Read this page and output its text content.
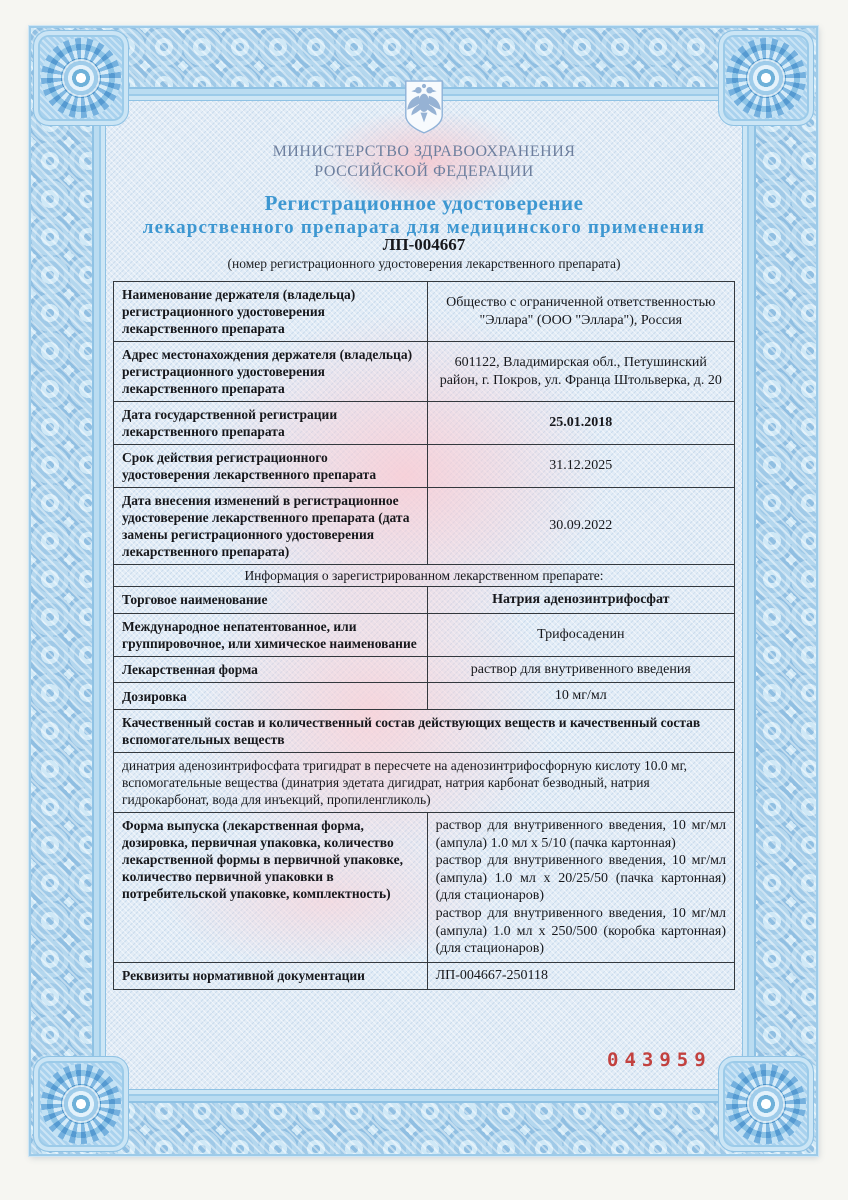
МИНИСТЕРСТВО ЗДРАВООХРАНЕНИЯ
РОССИЙСКОЙ ФЕДЕРАЦИИ
Регистрационное удостоверение
лекарственного препарата для медицинского применения
ЛП-004667
(номер регистрационного удостоверения лекарственного препарата)
Наименование держателя (владельца) регистрационного удостоверения лекарственного препарата	Общество с ограниченной ответственностью "Эллара" (ООО "Эллара"), Россия
Адрес местонахождения держателя (владельца) регистрационного удостоверения лекарственного препарата	601122, Владимирская обл., Петушинский район, г. Покров, ул. Франца Штольверка, д. 20
Дата государственной регистрации лекарственного препарата	25.01.2018
Срок действия регистрационного удостоверения лекарственного препарата	31.12.2025
Дата внесения изменений в регистрационное удостоверение лекарственного препарата (дата замены регистрационного удостоверения лекарственного препарата)	30.09.2022
Информация о зарегистрированном лекарственном препарате:	
Торговое наименование	Натрия аденозинтрифосфат
Международное непатентованное, или группировочное, или химическое наименование	Трифосаденин
Лекарственная форма	раствор для внутривенного введения
Дозировка	10 мг/мл
Качественный состав и количественный состав действующих веществ и качественный состав вспомогательных веществ	
динатрия аденозинтрифосфата тригидрат в пересчете на аденозинтрифосфорную кислоту 10.0 мг, вспомогательные вещества (динатрия эдетата дигидрат, натрия карбонат безводный, натрия гидрокарбонат, вода для инъекций, пропиленгликоль)	
Форма выпуска (лекарственная форма, дозировка, первичная упаковка, количество лекарственной формы в первичной упаковке, количество первичной упаковки в потребительской упаковке, комплектность)	раствор для внутривенного введения, 10 мг/мл (ампула) 1.0 мл х 5/10 (пачка картонная)

раствор для внутривенного введения, 10 мг/мл (ампула) 1.0 мл х 20/25/50 (пачка картонная) (для стационаров)

раствор для внутривенного введения, 10 мг/мл (ампула) 1.0 мл х 250/500 (коробка картонная) (для стационаров)

Реквизиты нормативной документации	ЛП-004667-250118
043959
